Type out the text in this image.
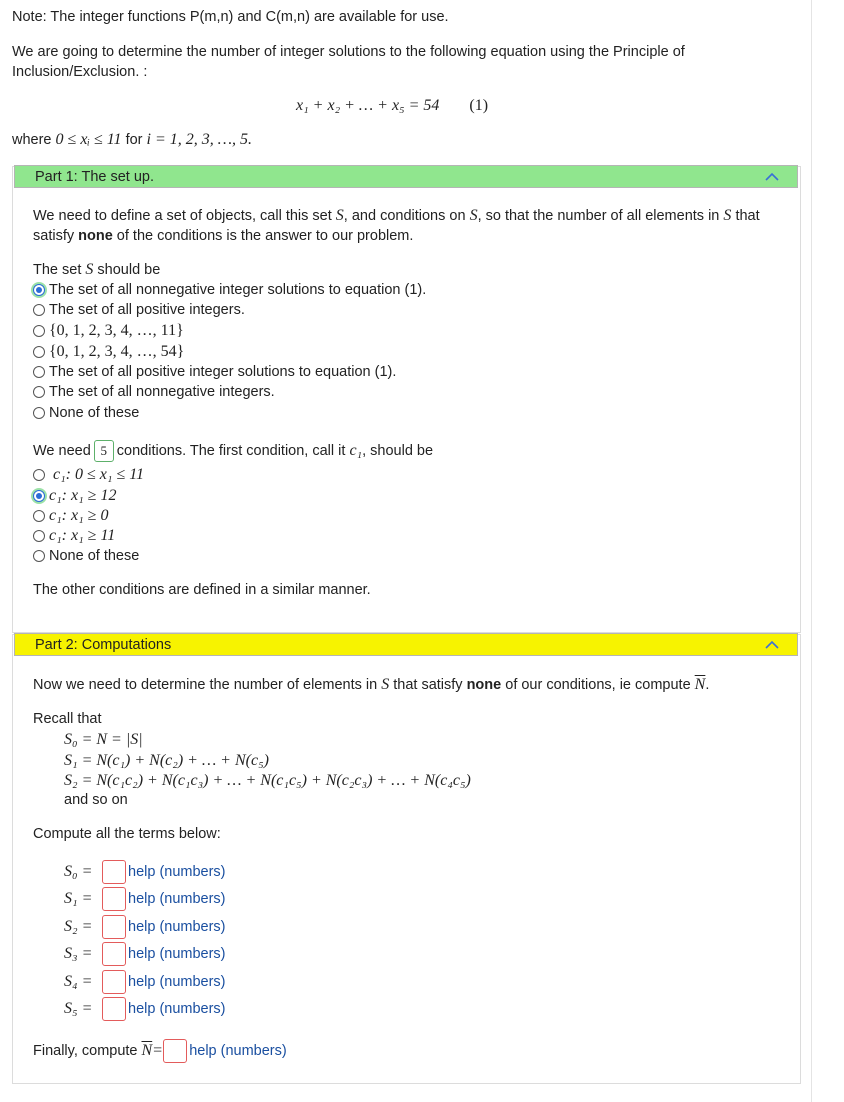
Note: The integer functions P(m,n) and C(m,n) are available for use.
We are going to determine the number of integer solutions to the following equation using the Principle of Inclusion/Exclusion. :
x₁ + x₂ + … + x₅ = 54 (1)
where 0 ≤ xᵢ ≤ 11 for i = 1, 2, 3, …, 5.
Part 1: The set up.
We need to define a set of objects, call this set S, and conditions on S, so that the number of all elements in S that satisfy none of the conditions is the answer to our problem.
The set S should be
The set of all nonnegative integer solutions to equation (1).
The set of all positive integers.
{0, 1, 2, 3, 4, …, 11}
{0, 1, 2, 3, 4, …, 54}
The set of all positive integer solutions to equation (1).
The set of all nonnegative integers.
None of these
We need 5 conditions. The first condition, call it c₁, should be
c₁: 0 ≤ x₁ ≤ 11
c₁: x₁ ≥ 12
c₁: x₁ ≥ 0
c₁: x₁ ≥ 11
None of these
The other conditions are defined in a similar manner.
Part 2: Computations
Now we need to determine the number of elements in S that satisfy none of our conditions, ie compute $\overline{N}$.
Recall that
S₀ = N = |S|
S₁ = N(c₁) + N(c₂) + … + N(c₅)
S₂ = N(c₁c₂) + N(c₁c₃) + … + N(c₁c₅) + N(c₂c₃) + … + N(c₄c₅)
and so on
Compute all the terms below:
S₀ =	help (numbers)
S₁ =	help (numbers)
S₂ =	help (numbers)
S₃ =	help (numbers)
S₄ =	help (numbers)
S₅ =	help (numbers)
Finally, compute $\overline{N}$ = help (numbers)
